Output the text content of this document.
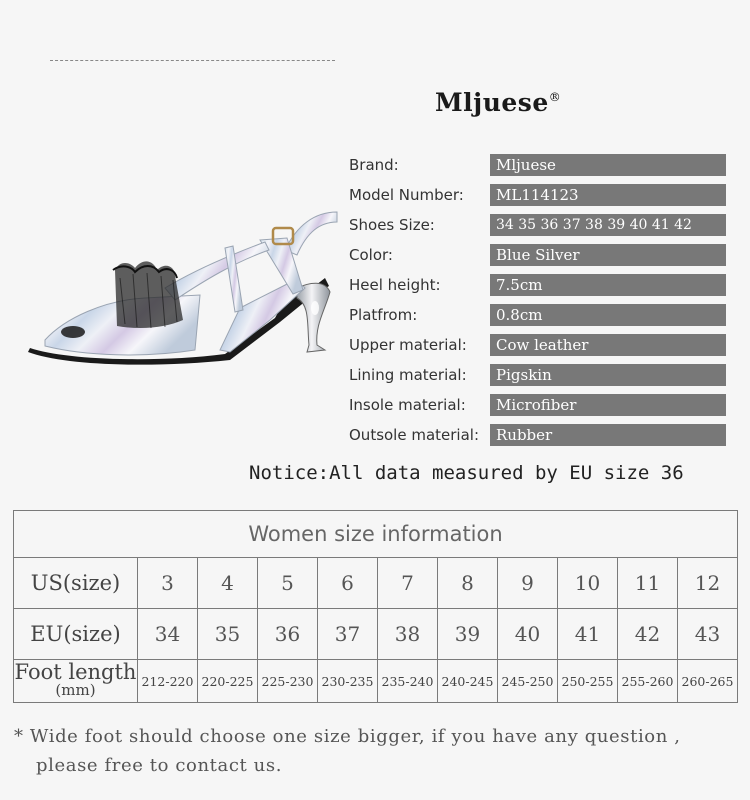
Mljuese®
Brand:	Mljuese
Model Number:	ML114123
Shoes Size:	34 35 36 37 38 39 40 41 42
Color:	Blue Silver
Heel height:	7.5cm
Platfrom:	0.8cm
Upper material:	Cow leather
Lining material:	Pigskin
Insole material:	Microfiber
Outsole material:	Rubber
Notice:All data measured by EU size 36
Women size information										
US(size)	3	4	5	6	7	8	9	10	11	12
EU(size)	34	35	36	37	38	39	40	41	42	43
Foot length
(mm)	212-220	220-225	225-230	230-235	235-240	240-245	245-250	250-255	255-260	260-265
* Wide foot should choose one size bigger, if you have any question ,
please free to contact us.
